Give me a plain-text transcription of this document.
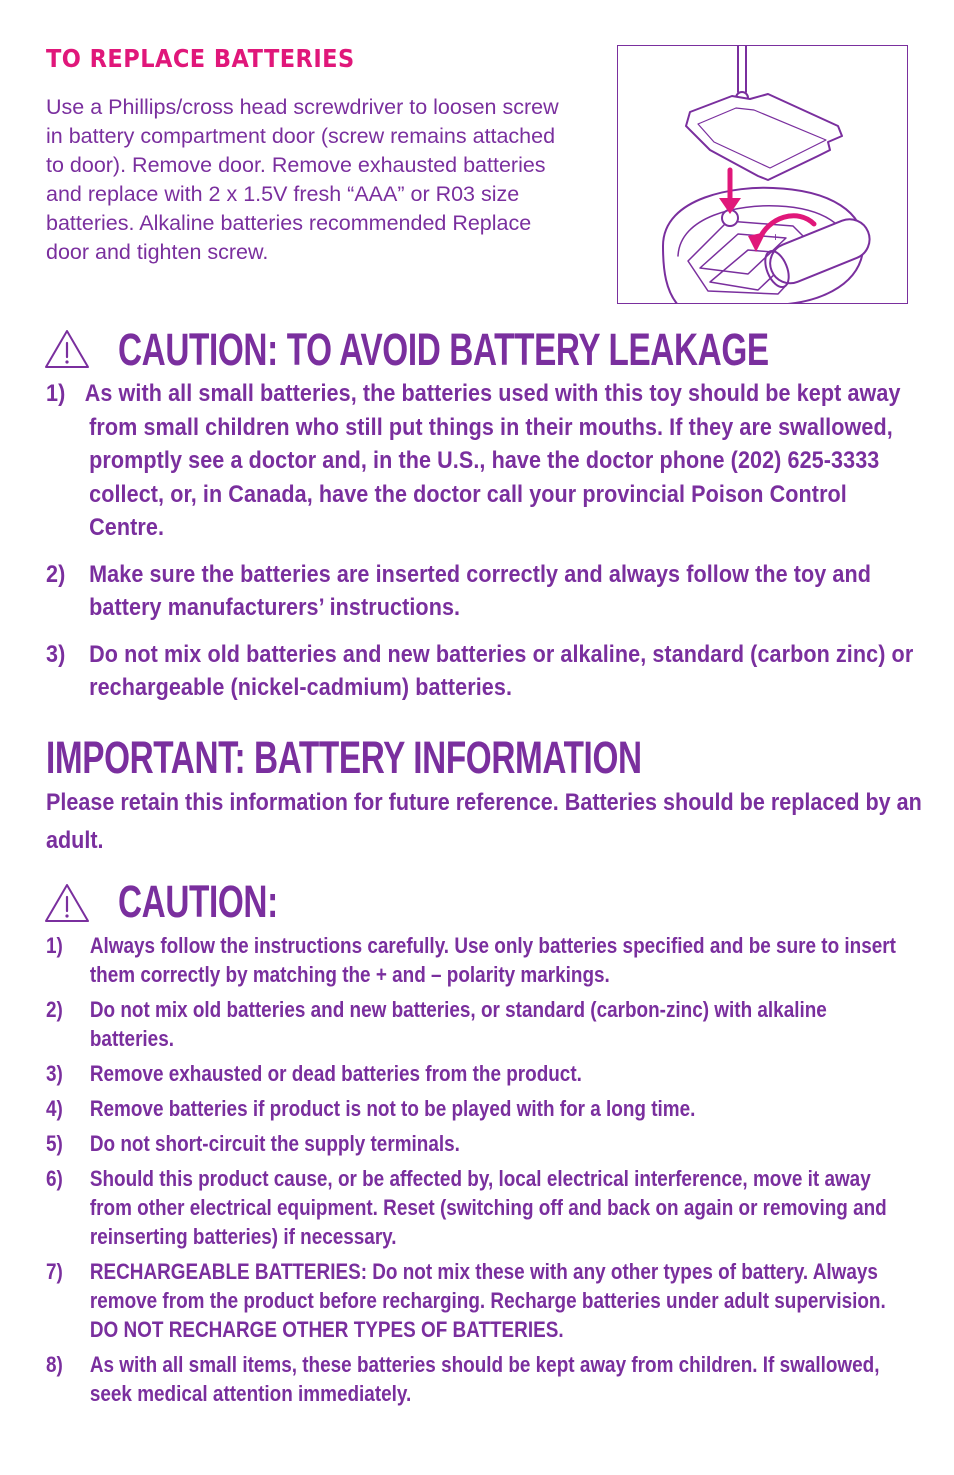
TO REPLACE BATTERIES

Use a Phillips/cross head screwdriver to loosen screw in battery compartment door (screw remains attached to door). Remove door. Remove exhausted batteries and replace with 2 x 1.5V fresh “AAA” or R03 size batteries. Alkaline batteries recommended Replace door and tighten screw.

+
CAUTION: TO AVOID BATTERY LEAKAGE
1) As with all small batteries, the batteries used with this toy should be kept away from small children who still put things in their mouths. If they are swallowed, promptly see a doctor and, in the U.S., have the doctor phone (202) 625-3333 collect, or, in Canada, have the doctor call your provincial Poison Control Centre.
2) Make sure the batteries are inserted correctly and always follow the toy and battery manufacturers’ instructions.
3) Do not mix old batteries and new batteries or alkaline, standard (carbon zinc) or rechargeable (nickel-cadmium) batteries.
IMPORTANT: BATTERY INFORMATION

Please retain this information for future reference. Batteries should be replaced by an adult.

CAUTION:
1)	Always follow the instructions carefully. Use only batteries specified and be sure to insert them correctly by matching the + and – polarity markings.
2)	Do not mix old batteries and new batteries, or standard (carbon-zinc) with alkaline batteries.
3)	Remove exhausted or dead batteries from the product.
4)	Remove batteries if product is not to be played with for a long time.
5)	Do not short-circuit the supply terminals.
6)	Should this product cause, or be affected by, local electrical interference, move it away from other electrical equipment. Reset (switching off and back on again or removing and reinserting batteries) if necessary.
7)	RECHARGEABLE BATTERIES: Do not mix these with any other types of battery. Always remove from the product before recharging. Recharge batteries under adult supervision. DO NOT RECHARGE OTHER TYPES OF BATTERIES.
8)	As with all small items, these batteries should be kept away from children. If swallowed, seek medical attention immediately.
